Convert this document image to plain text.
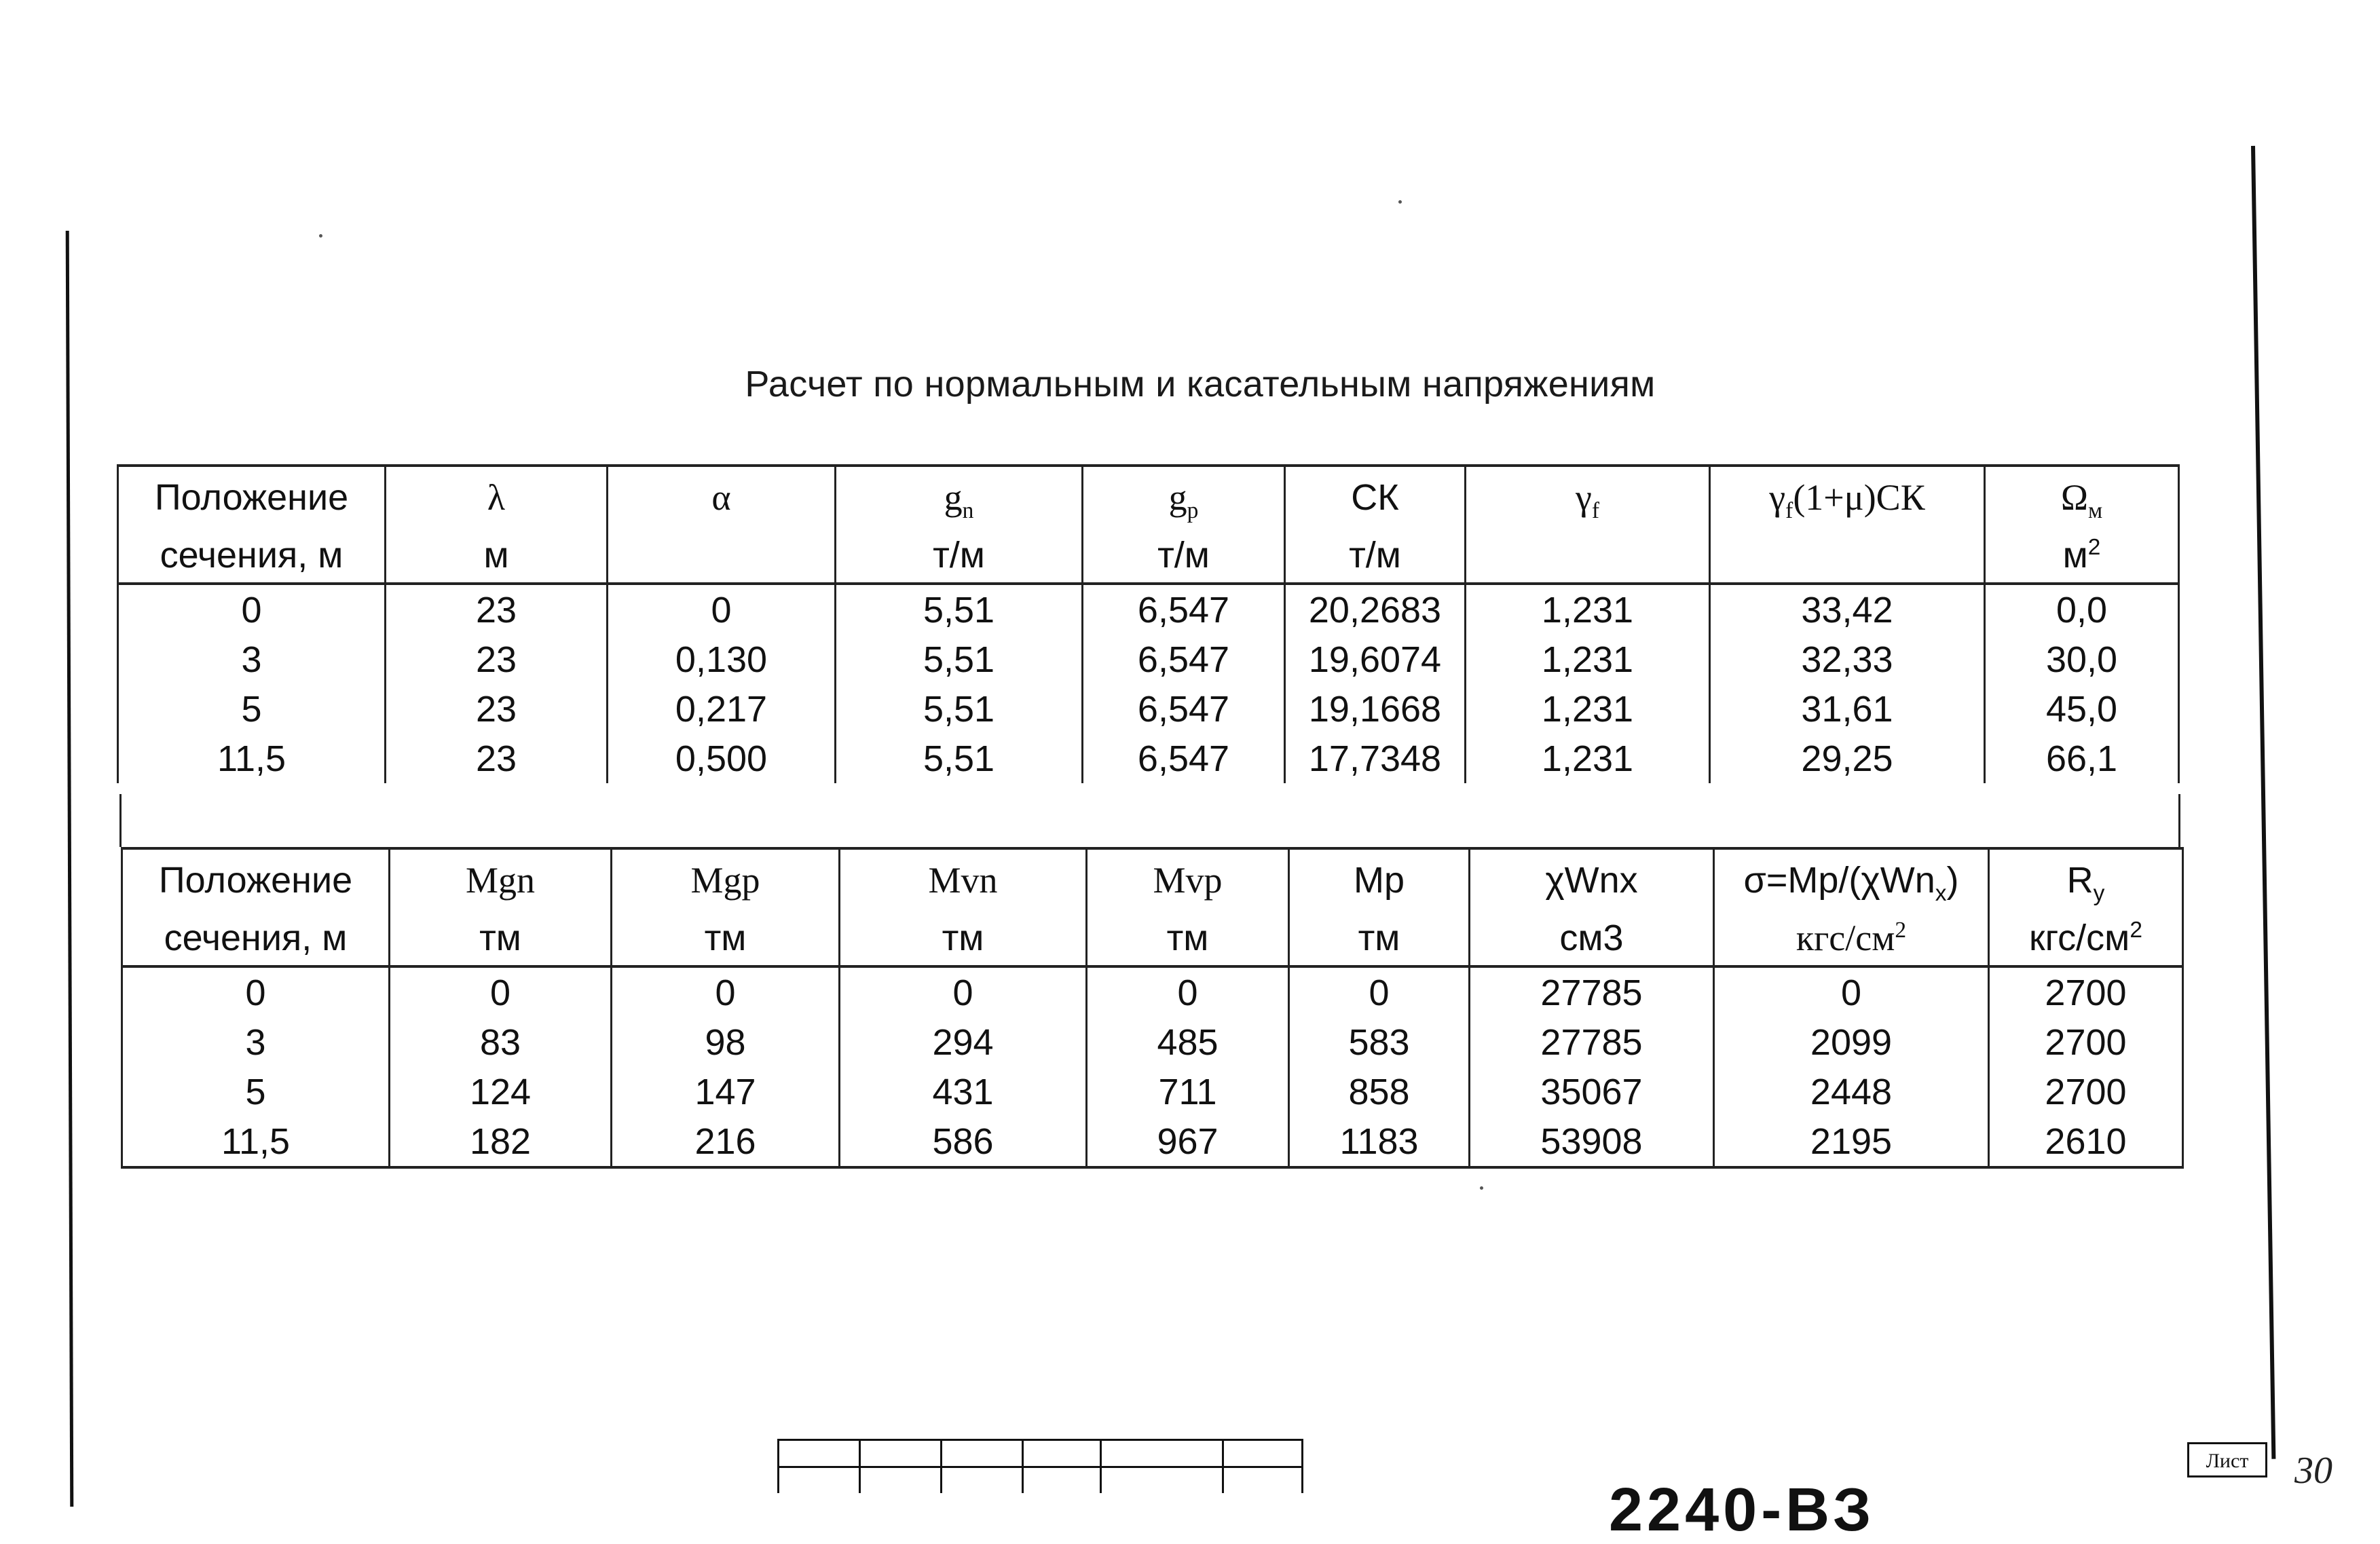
Расчет по нормальным и касательным напряжениям
Положение	λ	α	$g_n$	$g_p$	СК	$\gamma_f$	$\gamma_f(1+\mu)СК$	$\Omega_м$
сечения, м	м		т/м	т/м	т/м			$м^2$
0	23	0	5,51	6,547	20,2683	1,231	33,42	0,0
3	23	0,130	5,51	6,547	19,6074	1,231	32,33	30,0
5	23	0,217	5,51	6,547	19,1668	1,231	31,61	45,0
11,5	23	0,500	5,51	6,547	17,7348	1,231	29,25	66,1
Положение	Mgn	Mgp	Mvn	Mvp	Mp	χWnx	σ=Mp/(χWn$_x$)	$R_y$
сечения, м	тм	тм	тм	тм	тм	см3	кгс/$см^2$	кгс/$см^2$
0	0	0	0	0	0	27785	0	2700
3	83	98	294	485	583	27785	2099	2700
5	124	147	431	711	858	35067	2448	2700
11,5	182	216	586	967	1183	53908	2195	2610
2240-ВЗ
Лист	30
